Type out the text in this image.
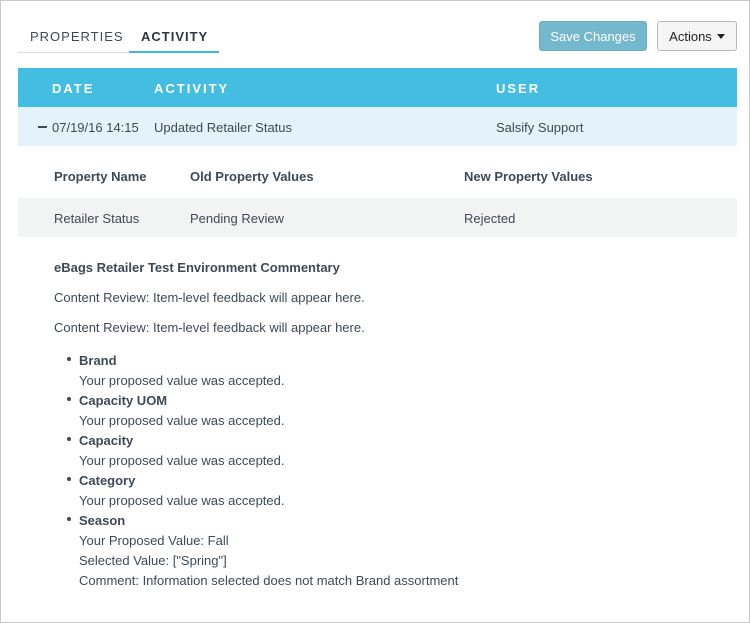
PROPERTIES	ACTIVITY	Save Changes	Actions
DATE	ACTIVITY	USER
07/19/16 14:15 Updated Retailer Status	Salsify Support
Property Name	Old Property Values	New Property Values
Retailer Status	Pending Review	Rejected
eBags Retailer Test Environment Commentary
Content Review: Item-level feedback will appear here.
Content Review: Item-level feedback will appear here.
Brand
Your proposed value was accepted.
Capacity UOM
Your proposed value was accepted.
Capacity
Your proposed value was accepted.
Category
Your proposed value was accepted.
Season
Your Proposed Value: Fall
Selected Value: ["Spring"]
Comment: Information selected does not match Brand assortment
